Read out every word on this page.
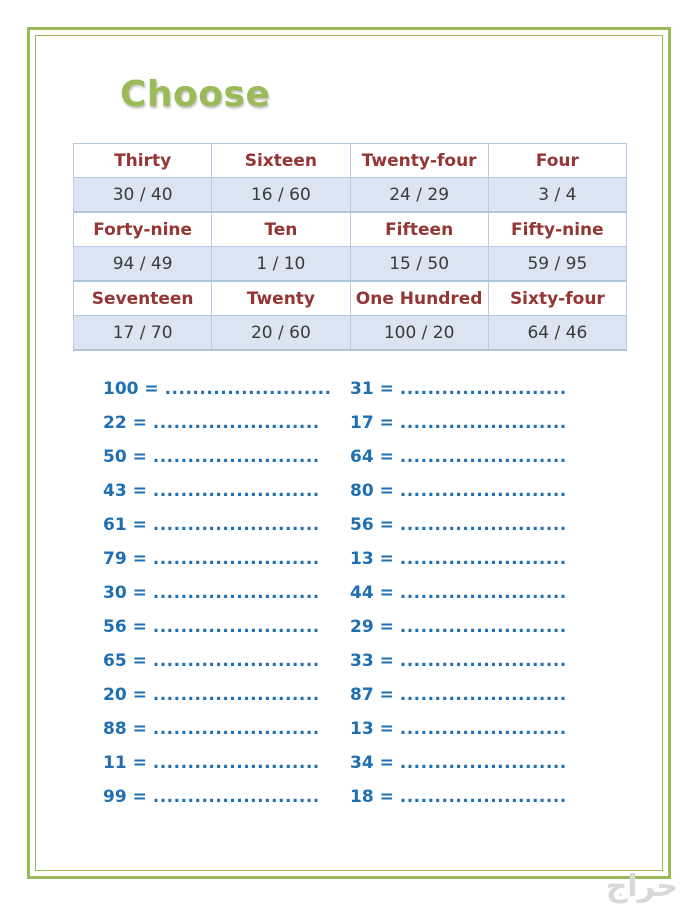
Choose
Thirty	Sixteen	Twenty-four	Four
30 / 40	16 / 60	24 / 29	3 / 4
Forty-nine	Ten	Fifteen	Fifty-nine
94 / 49	1 / 10	15 / 50	59 / 95
Seventeen	Twenty	One Hundred	Sixty-four
17 / 70	20 / 60	100 / 20	64 / 46
100 = ........................
22 = ........................
50 = ........................
43 = ........................
61 = ........................
79 = ........................
30 = ........................
56 = ........................
65 = ........................
20 = ........................
88 = ........................
11 = ........................
99 = ........................
31 = ........................
17 = ........................
64 = ........................
80 = ........................
56 = ........................
13 = ........................
44 = ........................
29 = ........................
33 = ........................
87 = ........................
13 = ........................
34 = ........................
18 = ........................
حراج
